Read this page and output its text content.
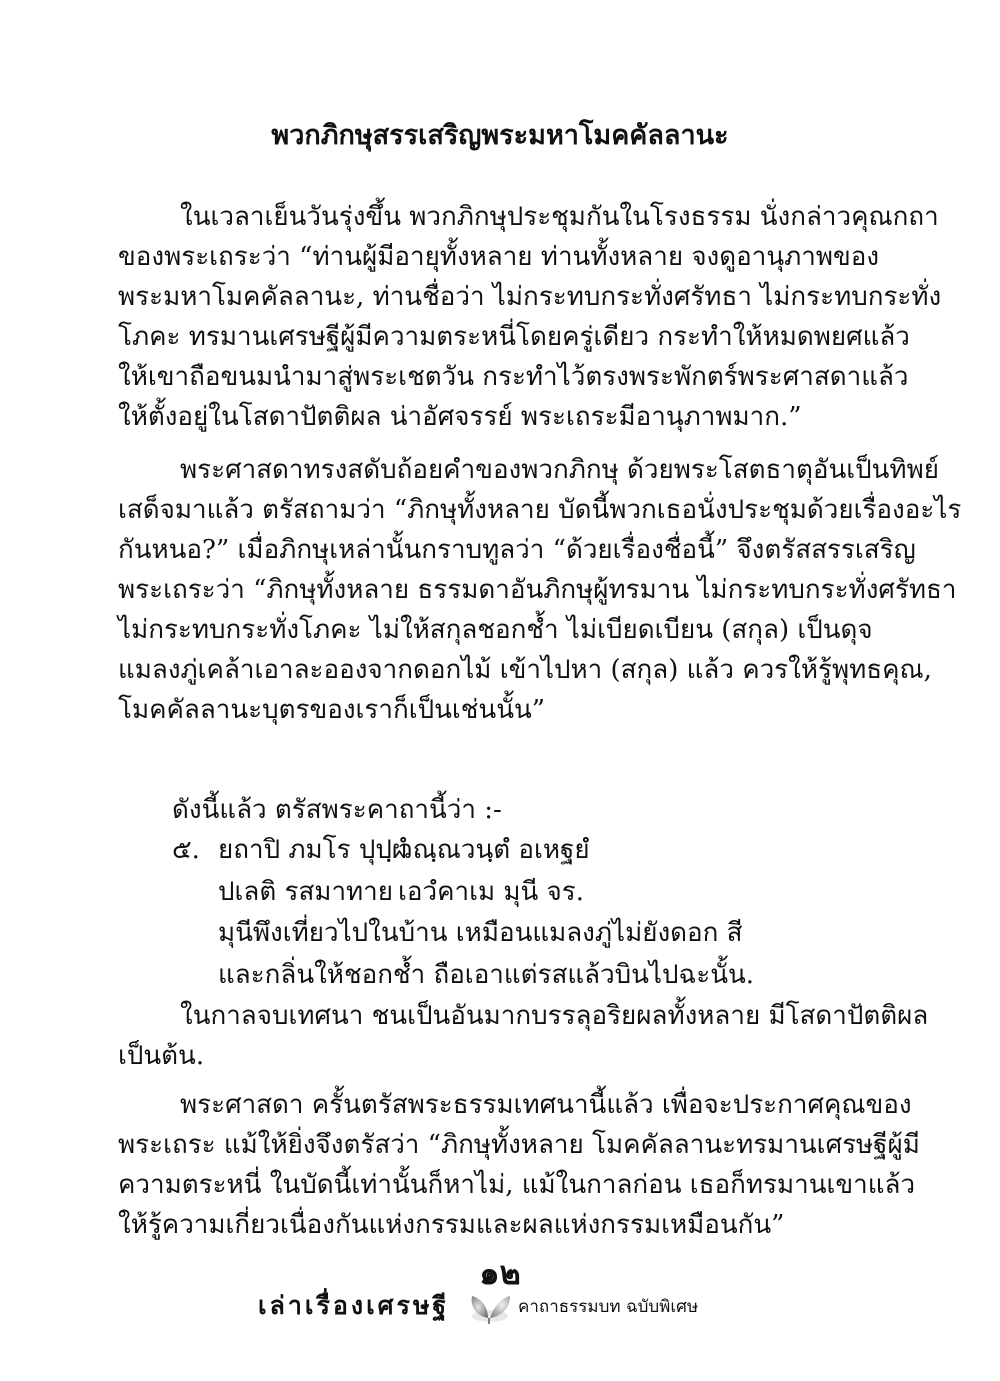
พวกภิกษุสรรเสริญพระมหาโมคคัลลานะ
ในเวลาเย็นวันรุ่งขึ้น พวกภิกษุประชุมกันในโรงธรรม นั่งกล่าวคุณกถา
ของพระเถระว่า “ท่านผู้มีอายุทั้งหลาย ท่านทั้งหลาย จงดูอานุภาพของ
พระมหาโมคคัลลานะ, ท่านชื่อว่า ไม่กระทบกระทั่งศรัทธา ไม่กระทบกระทั่ง
โภคะ ทรมานเศรษฐีผู้มีความตระหนี่โดยครู่เดียว กระทำให้หมดพยศแล้ว
ให้เขาถือขนมนำมาสู่พระเชตวัน กระทำไว้ตรงพระพักตร์พระศาสดาแล้ว
ให้ตั้งอยู่ในโสดาปัตติผล น่าอัศจรรย์ พระเถระมีอานุภาพมาก.”
พระศาสดาทรงสดับถ้อยคำของพวกภิกษุ ด้วยพระโสตธาตุอันเป็นทิพย์
เสด็จมาแล้ว ตรัสถามว่า “ภิกษุทั้งหลาย บัดนี้พวกเธอนั่งประชุมด้วยเรื่องอะไร
กันหนอ?” เมื่อภิกษุเหล่านั้นกราบทูลว่า “ด้วยเรื่องชื่อนี้” จึงตรัสสรรเสริญ
พระเถระว่า “ภิกษุทั้งหลาย ธรรมดาอันภิกษุผู้ทรมาน ไม่กระทบกระทั่งศรัทธา
ไม่กระทบกระทั่งโภคะ ไม่ให้สกุลชอกช้ำ ไม่เบียดเบียน (สกุล) เป็นดุจ
แมลงภู่เคล้าเอาละอองจากดอกไม้ เข้าไปหา (สกุล) แล้ว ควรให้รู้พุทธคุณ,
โมคคัลลานะบุตรของเราก็เป็นเช่นนั้น”
ดังนี้แล้ว ตรัสพระคาถานี้ว่า :-
๕. ยถาปิ ภมโร ปุปฺผํ
วณฺณวนฺตํ อเหฐยํ
ปเลติ รสมาทาย เอวํคาเม มุนี จร.
มุนีพึงเที่ยวไปในบ้าน เหมือนแมลงภู่ไม่ยังดอก สี
และกลิ่นให้ชอกช้ำ ถือเอาแต่รสแล้วบินไปฉะนั้น.
ในกาลจบเทศนา ชนเป็นอันมากบรรลุอริยผลทั้งหลาย มีโสดาปัตติผล
เป็นต้น.
พระศาสดา ครั้นตรัสพระธรรมเทศนานี้แล้ว เพื่อจะประกาศคุณของ
พระเถระ แม้ให้ยิ่งจึงตรัสว่า “ภิกษุทั้งหลาย โมคคัลลานะทรมานเศรษฐีผู้มี
ความตระหนี่ ในบัดนี้เท่านั้นก็หาไม่, แม้ในกาลก่อน เธอก็ทรมานเขาแล้ว
ให้รู้ความเกี่ยวเนื่องกันแห่งกรรมและผลแห่งกรรมเหมือนกัน”
๑๒
เล่าเรื่องเศรษฐี	คาถาธรรมบท ฉบับพิเศษ
